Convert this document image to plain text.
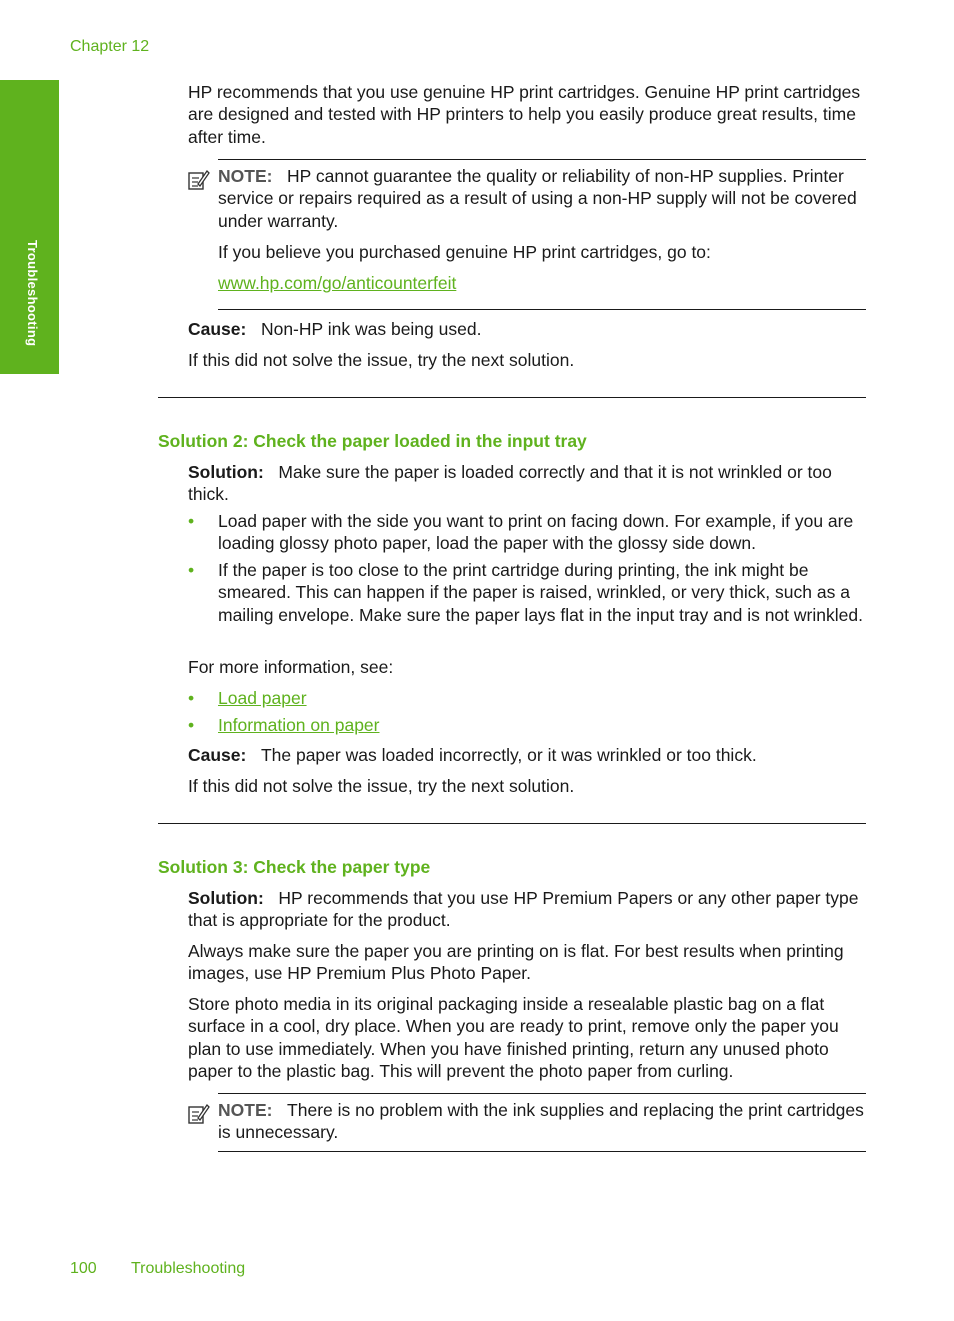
Chapter 12
Troubleshooting

HP recommends that you use genuine HP print cartridges. Genuine HP print cartridges are designed and tested with HP printers to help you easily produce great results, time after time.

NOTE: HP cannot guarantee the quality or reliability of non-HP supplies. Printer service or repairs required as a result of using a non-HP supply will not be covered under warranty.

If you believe you purchased genuine HP print cartridges, go to:

www.hp.com/go/anticounterfeit

Cause: Non-HP ink was being used.

If this did not solve the issue, try the next solution.

Solution 2: Check the paper loaded in the input tray

Solution: Make sure the paper is loaded correctly and that it is not wrinkled or too thick.

• Load paper with the side you want to print on facing down. For example, if you are loading glossy photo paper, load the paper with the glossy side down.
• If the paper is too close to the print cartridge during printing, the ink might be smeared. This can happen if the paper is raised, wrinkled, or very thick, such as a mailing envelope. Make sure the paper lays flat in the input tray and is not wrinkled.

For more information, see:

• Load paper
• Information on paper

Cause: The paper was loaded incorrectly, or it was wrinkled or too thick.

If this did not solve the issue, try the next solution.

Solution 3: Check the paper type

Solution: HP recommends that you use HP Premium Papers or any other paper type that is appropriate for the product.

Always make sure the paper you are printing on is flat. For best results when printing images, use HP Premium Plus Photo Paper.

Store photo media in its original packaging inside a resealable plastic bag on a flat surface in a cool, dry place. When you are ready to print, remove only the paper you plan to use immediately. When you have finished printing, return any unused photo paper to the plastic bag. This will prevent the photo paper from curling.

NOTE: There is no problem with the ink supplies and replacing the print cartridges is unnecessary.

100 Troubleshooting
